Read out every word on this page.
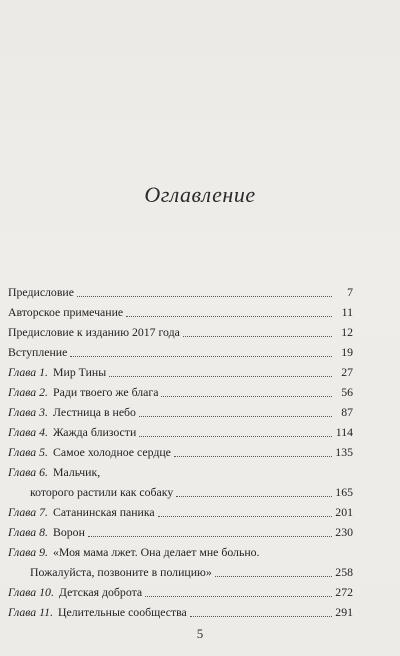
Оглавление
Предисловие	7
Авторское примечание	11
Предисловие к изданию 2017 года	12
Вступление	19
Глава 1. Мир Тины	27
Глава 2. Ради твоего же блага	56
Глава 3. Лестница в небо	87
Глава 4. Жажда близости	114
Глава 5. Самое холодное сердце	135
Глава 6. Мальчик,
которого растили как собаку	165
Глава 7. Сатанинская паника	201
Глава 8. Ворон	230
Глава 9. «Моя мама лжет. Она делает мне больно.
Пожалуйста, позвоните в полицию»	258
Глава 10. Детская доброта	272
Глава 11. Целительные сообщества	291
5
